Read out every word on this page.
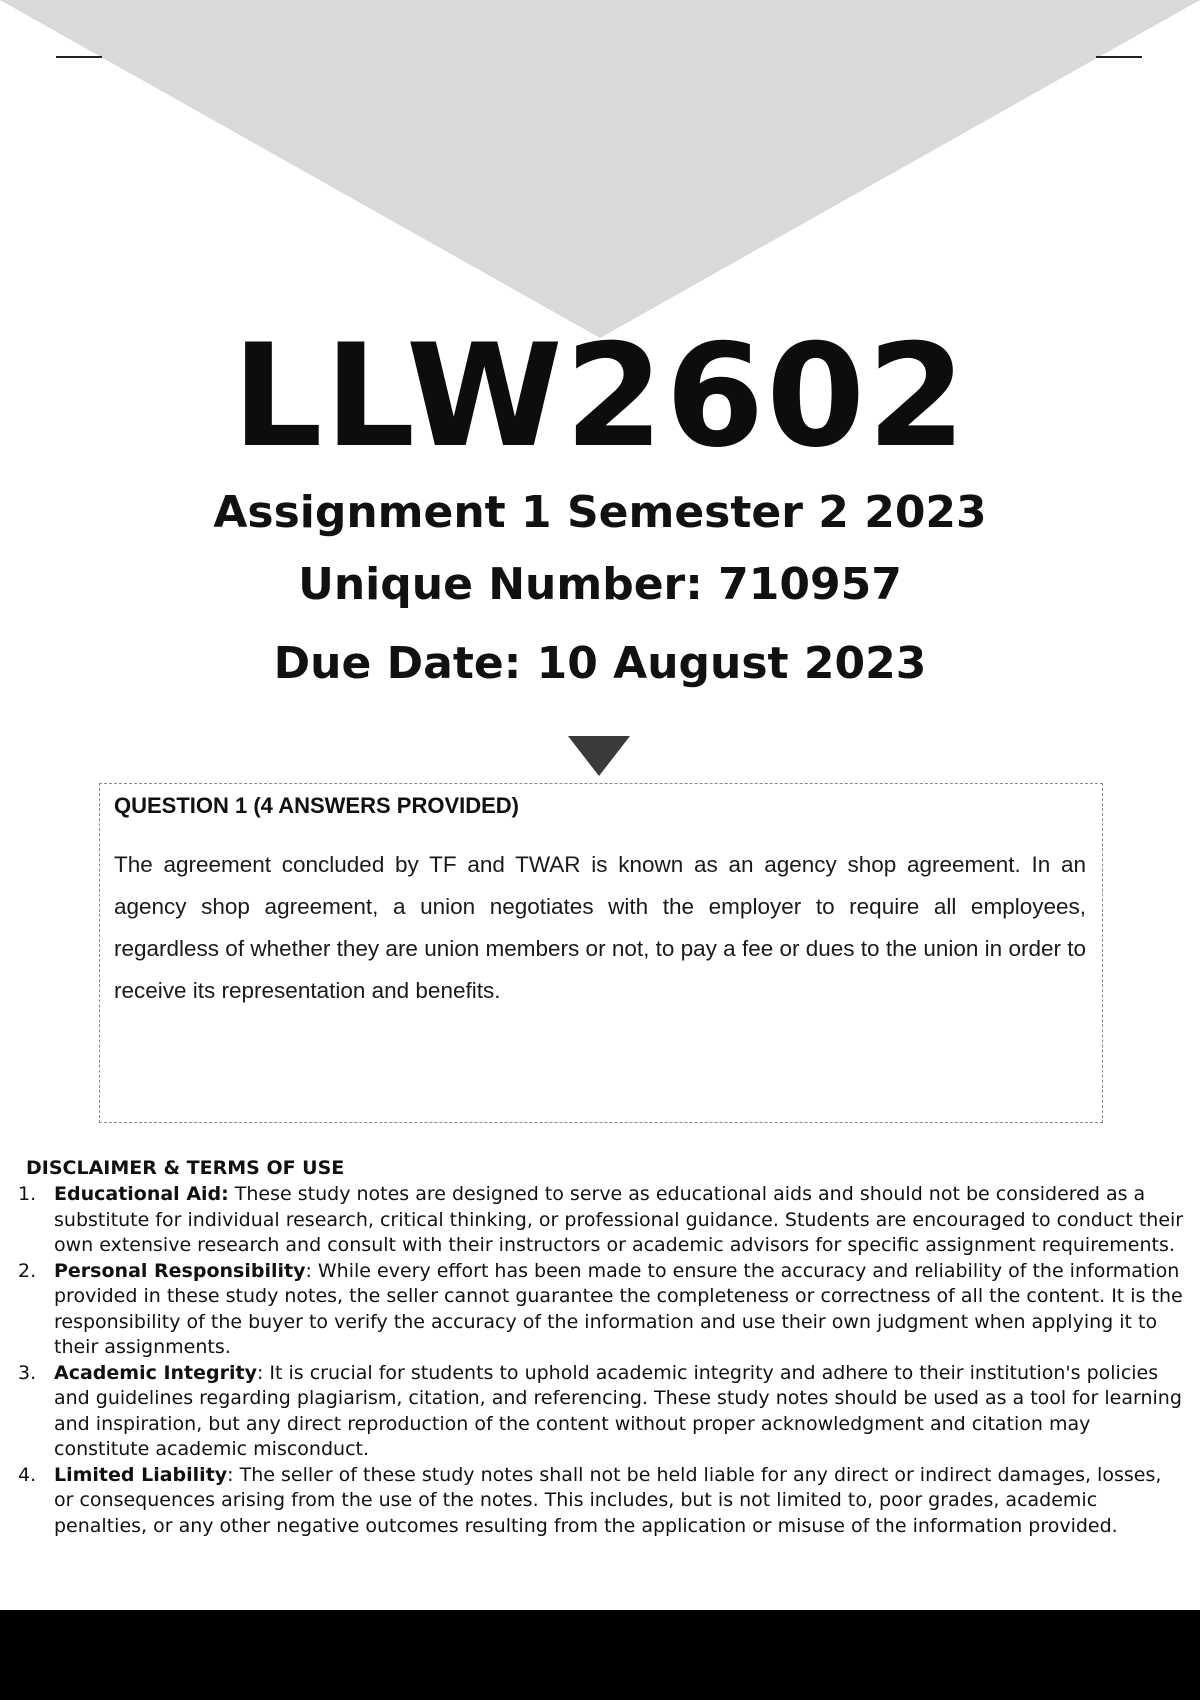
LLW2602
Assignment 1 Semester 2 2023
Unique Number: 710957
Due Date: 10 August 2023
QUESTION 1 (4 ANSWERS PROVIDED)
The agreement concluded by TF and TWAR is known as an agency shop agreement. In an agency shop agreement, a union negotiates with the employer to require all employees, regardless of whether they are union members or not, to pay a fee or dues to the union in order to receive its representation and benefits.
DISCLAIMER & TERMS OF USE
1. Educational Aid: These study notes are designed to serve as educational aids and should not be considered as a substitute for individual research, critical thinking, or professional guidance. Students are encouraged to conduct their own extensive research and consult with their instructors or academic advisors for specific assignment requirements.
2. Personal Responsibility: While every effort has been made to ensure the accuracy and reliability of the information provided in these study notes, the seller cannot guarantee the completeness or correctness of all the content. It is the responsibility of the buyer to verify the accuracy of the information and use their own judgment when applying it to their assignments.
3. Academic Integrity: It is crucial for students to uphold academic integrity and adhere to their institution's policies and guidelines regarding plagiarism, citation, and referencing. These study notes should be used as a tool for learning and inspiration, but any direct reproduction of the content without proper acknowledgment and citation may constitute academic misconduct.
4. Limited Liability: The seller of these study notes shall not be held liable for any direct or indirect damages, losses, or consequences arising from the use of the notes. This includes, but is not limited to, poor grades, academic penalties, or any other negative outcomes resulting from the application or misuse of the information provided.
